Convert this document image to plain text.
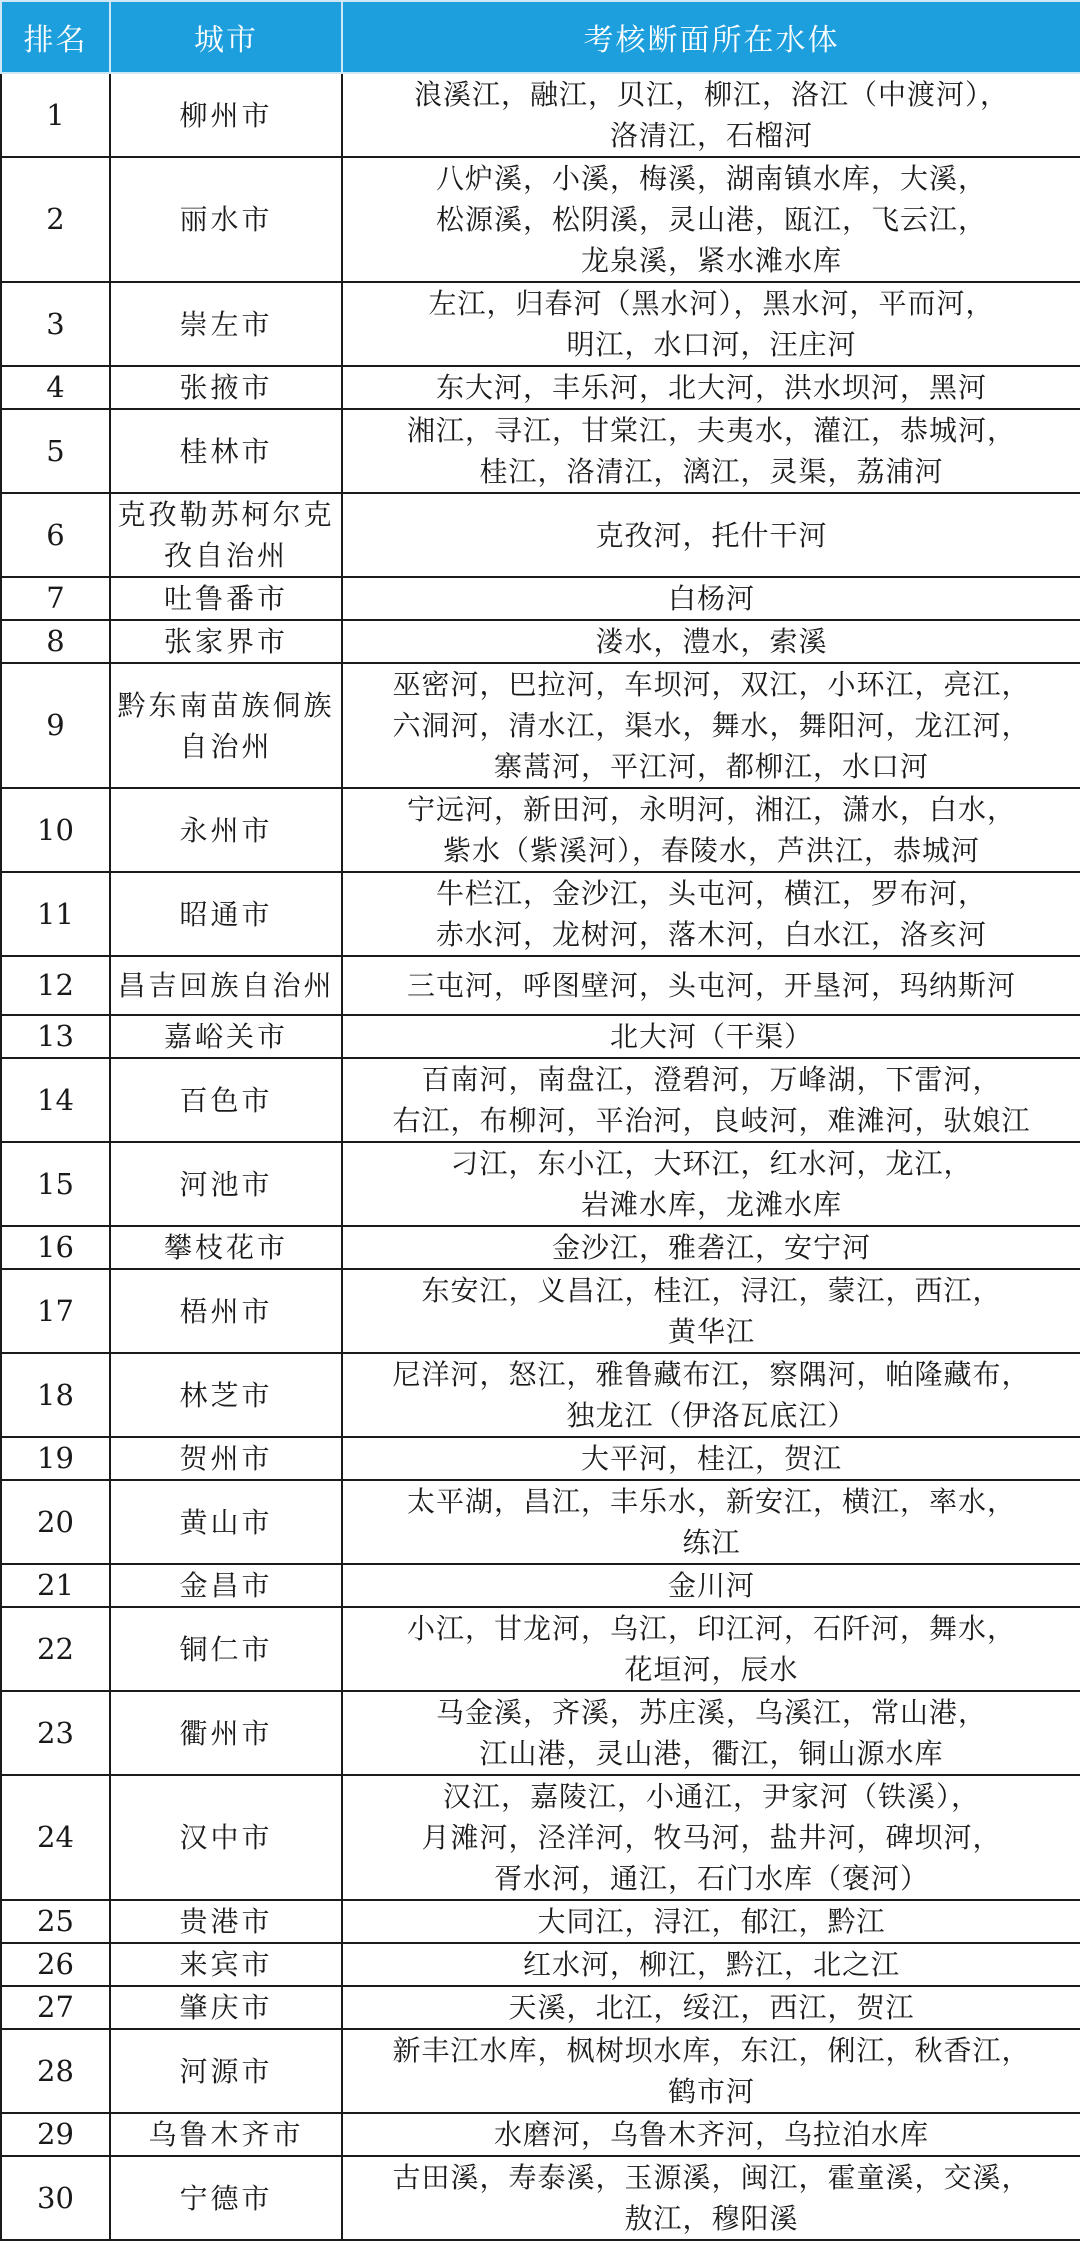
排名	城市	考核断面所在水体
1	柳州市	浪溪江，融江，贝江，柳江，洛江（中渡河），
洛清江，石榴河

2	丽水市	八炉溪，小溪，梅溪，湖南镇水库，大溪，
松源溪，松阴溪，灵山港，瓯江，飞云江，
龙泉溪，紧水滩水库

3	崇左市	左江，归春河（黑水河），黑水河，平而河，
明江，水口河，汪庄河

4	张掖市	东大河，丰乐河，北大河，洪水坝河，黑河

5	桂林市	湘江，寻江，甘棠江，夫夷水，灌江，恭城河，
桂江，洛清江，漓江，灵渠，荔浦河

6	克孜勒苏柯尔克孜自治州	克孜河，托什干河

7	吐鲁番市	白杨河

8	张家界市	溇水，澧水，索溪

9	黔东南苗族侗族自治州	巫密河，巴拉河，车坝河，双江，小环江，亮江，
六洞河，清水江，渠水，舞水，舞阳河，龙江河，
寨蒿河，平江河，都柳江，水口河

10	永州市	宁远河，新田河，永明河，湘江，潇水，白水，
紫水（紫溪河），春陵水，芦洪江，恭城河

11	昭通市	牛栏江，金沙江，头屯河，横江，罗布河，
赤水河，龙树河，落木河，白水江，洛亥河

12	昌吉回族自治州	三屯河，呼图壁河，头屯河，开垦河，玛纳斯河

13	嘉峪关市	北大河（干渠）

14	百色市	百南河，南盘江，澄碧河，万峰湖，下雷河，
右江，布柳河，平治河，良岐河，难滩河，驮娘江

15	河池市	刁江，东小江，大环江，红水河，龙江，
岩滩水库，龙滩水库

16	攀枝花市	金沙江，雅砻江，安宁河

17	梧州市	东安江，义昌江，桂江，浔江，蒙江，西江，
黄华江

18	林芝市	尼洋河，怒江，雅鲁藏布江，察隅河，帕隆藏布，
独龙江（伊洛瓦底江）

19	贺州市	大平河，桂江，贺江

20	黄山市	太平湖，昌江，丰乐水，新安江，横江，率水，
练江

21	金昌市	金川河

22	铜仁市	小江，甘龙河，乌江，印江河，石阡河，舞水，
花垣河，辰水

23	衢州市	马金溪，齐溪，苏庄溪，乌溪江，常山港，
江山港，灵山港，衢江，铜山源水库

24	汉中市	汉江，嘉陵江，小通江，尹家河（铁溪），
月滩河，泾洋河，牧马河，盐井河，碑坝河，
胥水河，通江，石门水库（褒河）

25	贵港市	大同江，浔江，郁江，黔江

26	来宾市	红水河，柳江，黔江，北之江

27	肇庆市	天溪，北江，绥江，西江，贺江

28	河源市	新丰江水库，枫树坝水库，东江，俐江，秋香江，
鹤市河

29	乌鲁木齐市	水磨河，乌鲁木齐河，乌拉泊水库

30	宁德市	古田溪，寿泰溪，玉源溪，闽江，霍童溪，交溪，
敖江，穆阳溪
